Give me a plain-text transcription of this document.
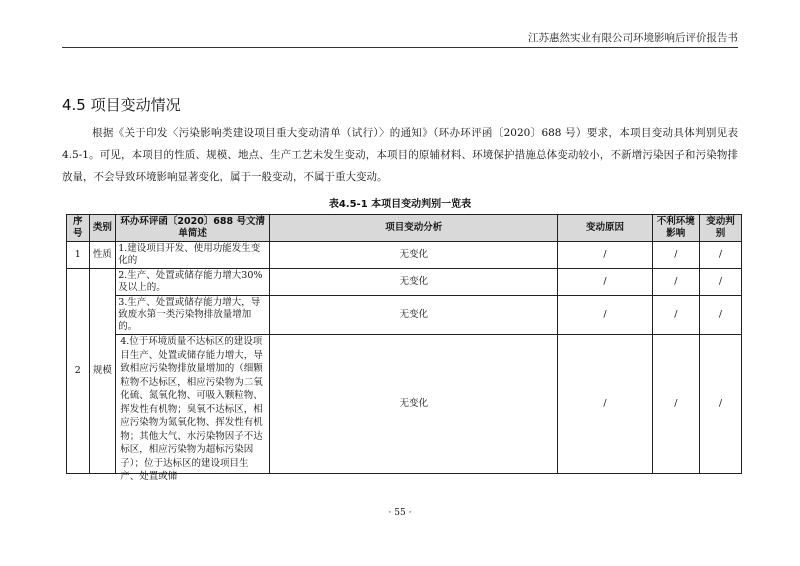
江苏惠然实业有限公司环境影响后评价报告书
4.5 项目变动情况

根据《关于印发〈污染影响类建设项目重大变动清单（试行）〉的通知》（环办环评函〔2020〕688 号）要求，本项目变动具体判别见表 4.5-1。可见，本项目的性质、规模、地点、生产工艺未发生变动，本项目的原辅材料、环境保护措施总体变动较小，不新增污染因子和污染物排放量，不会导致环境影响显著变化，属于一般变动，不属于重大变动。

表4.5-1 本项目变动判别一览表
序号	类别	环办环评函〔2020〕688 号文清单简述	项目变动分析	变动原因	不利环境影响	变动判别
1	性质	1.建设项目开发、使用功能发生变化的	无变化	/	/	/
2	规模	2.生产、处置或储存能力增大30%及以上的。	无变化	/	/	/
		3.生产、处置或储存能力增大，导致废水第一类污染物排放量增加的。	无变化	/	/	/

		4.位于环境质量不达标区的建设项目生产、处置或储存能力增大，导致相应污染物排放量增加的（细颗粒物不达标区，相应污染物为二氧化硫、氮氧化物、可吸入颗粒物、挥发性有机物；臭氧不达标区，相应污染物为氮氧化物、挥发性有机物；其他大气、水污染物因子不达标区，相应污染物为超标污染因子）；位于达标区的建设项目生产、处置或储	无变化	/	/	/
· 55 ·
